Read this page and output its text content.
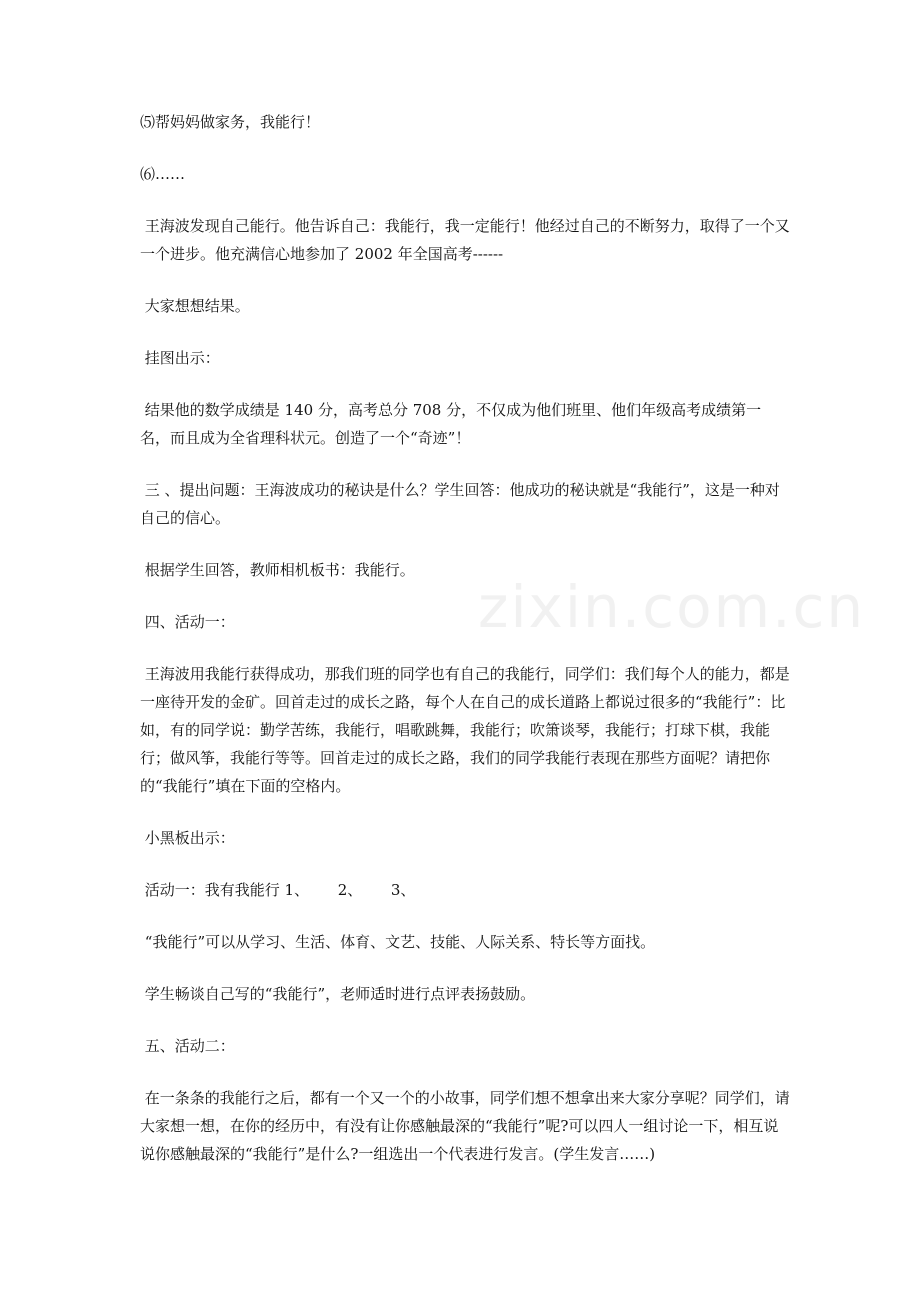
zixin.com.cn

⑸帮妈妈做家务，我能行！

⑹……

王海波发现自己能行。他告诉自己：我能行，我一定能行！他经过自己的不断努力，取得了一个又一个进步。他充满信心地参加了 2002 年全国高考------

大家想想结果。

挂图出示：

结果他的数学成绩是 140 分，高考总分 708 分，不仅成为他们班里、他们年级高考成绩第一名，而且成为全省理科状元。创造了一个“奇迹”！

三 、提出问题：王海波成功的秘诀是什么？学生回答：他成功的秘诀就是“我能行”，这是一种对自己的信心。

根据学生回答，教师相机板书：我能行。

四、活动一：

王海波用我能行获得成功，那我们班的同学也有自己的我能行，同学们：我们每个人的能力，都是一座待开发的金矿。回首走过的成长之路，每个人在自己的成长道路上都说过很多的“我能行”：比如，有的同学说：勤学苦练，我能行，唱歌跳舞，我能行；吹箫谈琴，我能行；打球下棋，我能行；做风筝，我能行等等。回首走过的成长之路，我们的同学我能行表现在那些方面呢？请把你的“我能行”填在下面的空格内。

小黑板出示：

活动一：我有我能行 1、      2、      3、

“我能行”可以从学习、生活、体育、文艺、技能、人际关系、特长等方面找。

学生畅谈自己写的“我能行”，老师适时进行点评表扬鼓励。

五、活动二：

在一条条的我能行之后，都有一个又一个的小故事，同学们想不想拿出来大家分享呢？同学们，请大家想一想，在你的经历中，有没有让你感触最深的“我能行”呢?可以四人一组讨论一下，相互说说你感触最深的“我能行”是什么?一组选出一个代表进行发言。(学生发言……)
